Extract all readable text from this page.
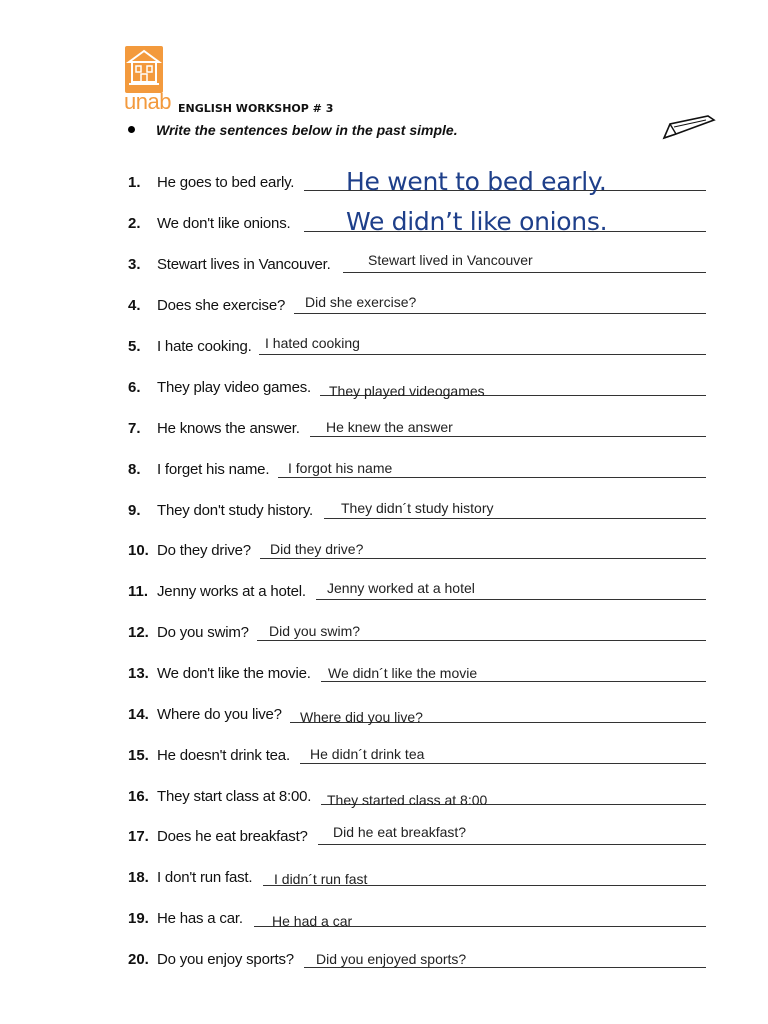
unab ENGLISH WORKSHOP # 3
Write the sentences below in the past simple.
1.	He goes to bed early. He went to bed early.
2.	We don't like onions. We didn’t like onions.
3.	Stewart lives in Vancouver.	Stewart lived in Vancouver
4.	Does she exercise? Did she exercise?
5.	I hate cooking. I hated cooking
6.	They play video games. They played videogames
7.	He knows the answer. He knew the answer
8.	I forget his name. I forgot his name
9.	They don't study history. They didn´t study history
10. Do they drive? Did they drive?
11. Jenny works at a hotel. Jenny worked at a hotel
12. Do you swim? Did you swim?
13. We don't like the movie. We didn´t like the movie
14. Where do you live? Where did you live?
15. He doesn't drink tea. He didn´t drink tea
16. They start class at 8:00. They started class at 8:00
17. Does he eat breakfast? Did he eat breakfast?
18. I don't run fast. I didn´t run fast
19. He has a car. He had a car
20. Do you enjoy sports? Did you enjoyed sports?
